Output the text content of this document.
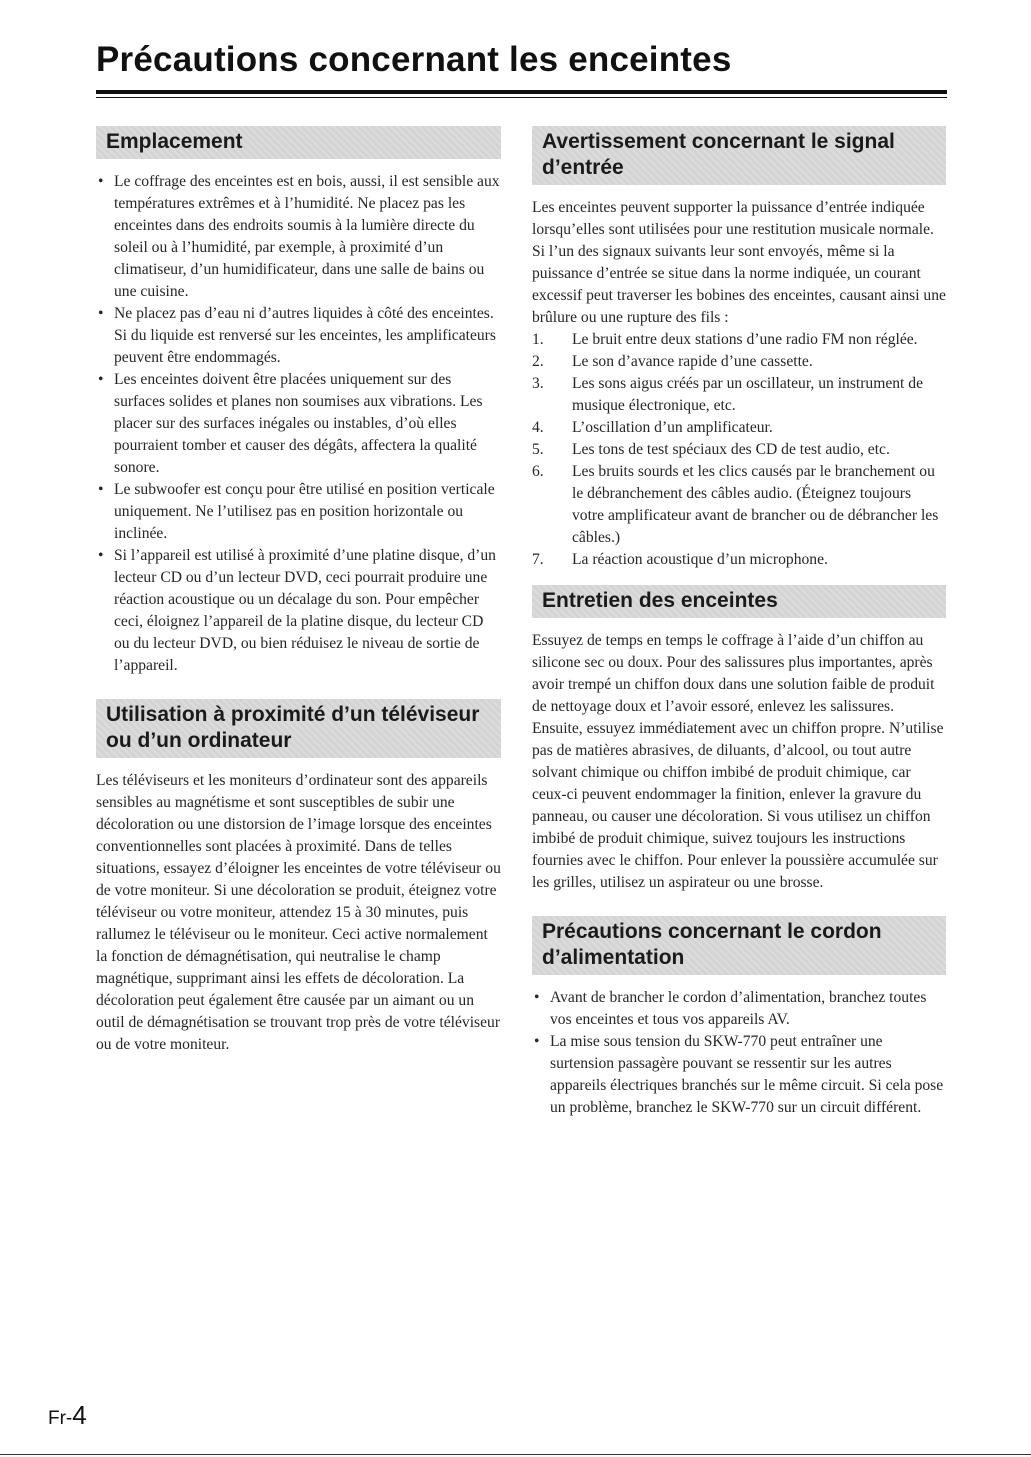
Précautions concernant les enceintes
Emplacement
• Le coffrage des enceintes est en bois, aussi, il est sensible aux températures extrêmes et à l’humidité. Ne placez pas les enceintes dans des endroits soumis à la lumière directe du soleil ou à l’humidité, par exemple, à proximité d’un climatiseur, d’un humidificateur, dans une salle de bains ou une cuisine.
• Ne placez pas d’eau ni d’autres liquides à côté des enceintes. Si du liquide est renversé sur les enceintes, les amplificateurs peuvent être endommagés.
• Les enceintes doivent être placées uniquement sur des surfaces solides et planes non soumises aux vibrations. Les placer sur des surfaces inégales ou instables, d’où elles pourraient tomber et causer des dégâts, affectera la qualité sonore.
• Le subwoofer est conçu pour être utilisé en position verticale uniquement. Ne l’utilisez pas en position horizontale ou inclinée.
• Si l’appareil est utilisé à proximité d’une platine disque, d’un lecteur CD ou d’un lecteur DVD, ceci pourrait produire une réaction acoustique ou un décalage du son. Pour empêcher ceci, éloignez l’appareil de la platine disque, du lecteur CD ou du lecteur DVD, ou bien réduisez le niveau de sortie de l’appareil.
Utilisation à proximité d’un téléviseur ou d’un ordinateur

Les téléviseurs et les moniteurs d’ordinateur sont des appareils sensibles au magnétisme et sont susceptibles de subir une décoloration ou une distorsion de l’image lorsque des enceintes conventionnelles sont placées à proximité. Dans de telles situations, essayez d’éloigner les enceintes de votre téléviseur ou de votre moniteur. Si une décoloration se produit, éteignez votre téléviseur ou votre moniteur, attendez 15 à 30 minutes, puis rallumez le téléviseur ou le moniteur. Ceci active normalement la fonction de démagnétisation, qui neutralise le champ magnétique, supprimant ainsi les effets de décoloration. La décoloration peut également être causée par un aimant ou un outil de démagnétisation se trouvant trop près de votre téléviseur ou de votre moniteur.

Avertissement concernant le signal d’entrée

Les enceintes peuvent supporter la puissance d’entrée indiquée lorsqu’elles sont utilisées pour une restitution musicale normale. Si l’un des signaux suivants leur sont envoyés, même si la puissance d’entrée se situe dans la norme indiquée, un courant excessif peut traverser les bobines des enceintes, causant ainsi une brûlure ou une rupture des fils :

1.	Le bruit entre deux stations d’une radio FM non réglée.
2.	Le son d’avance rapide d’une cassette.
3.	Les sons aigus créés par un oscillateur, un instrument de musique électronique, etc.
4.	L’oscillation d’un amplificateur.
5.	Les tons de test spéciaux des CD de test audio, etc.
6.	Les bruits sourds et les clics causés par le branchement ou le débranchement des câbles audio. (Éteignez toujours votre amplificateur avant de brancher ou de débrancher les câbles.)
7.	La réaction acoustique d’un microphone.
Entretien des enceintes

Essuyez de temps en temps le coffrage à l’aide d’un chiffon au silicone sec ou doux. Pour des salissures plus importantes, après avoir trempé un chiffon doux dans une solution faible de produit de nettoyage doux et l’avoir essoré, enlevez les salissures. Ensuite, essuyez immédiatement avec un chiffon propre. N’utilise pas de matières abrasives, de diluants, d’alcool, ou tout autre solvant chimique ou chiffon imbibé de produit chimique, car ceux-ci peuvent endommager la finition, enlever la gravure du panneau, ou causer une décoloration. Si vous utilisez un chiffon imbibé de produit chimique, suivez toujours les instructions fournies avec le chiffon. Pour enlever la poussière accumulée sur les grilles, utilisez un aspirateur ou une brosse.

Précautions concernant le cordon d’alimentation
• Avant de brancher le cordon d’alimentation, branchez toutes vos enceintes et tous vos appareils AV.
• La mise sous tension du SKW-770 peut entraîner une surtension passagère pouvant se ressentir sur les autres appareils électriques branchés sur le même circuit. Si cela pose un problème, branchez le SKW-770 sur un circuit différent.
Fr-4
